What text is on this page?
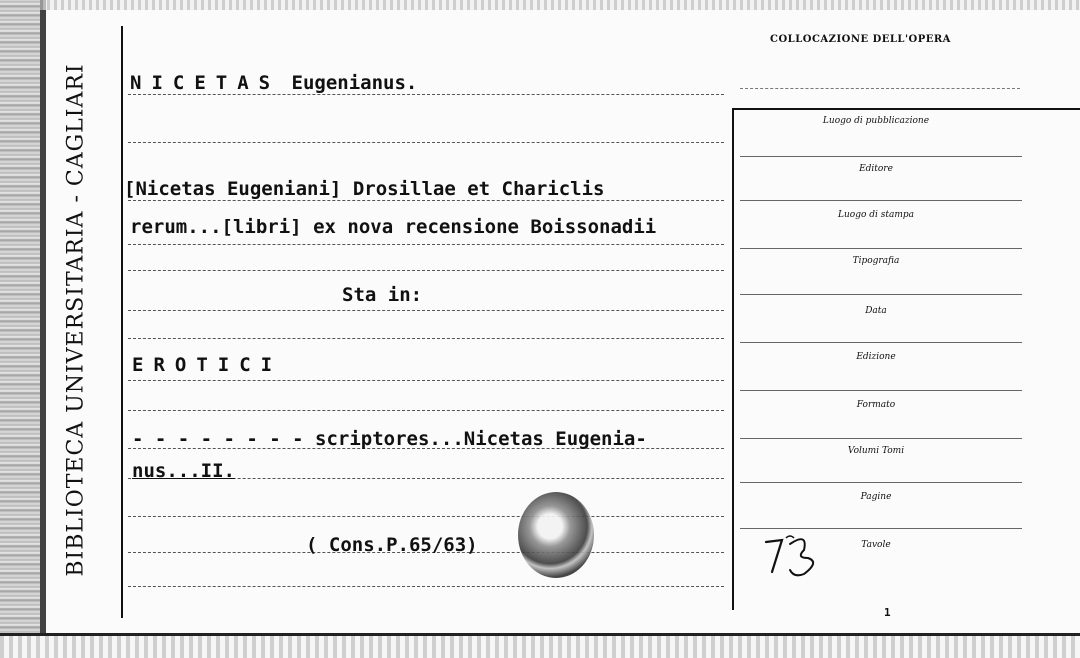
BIBLIOTECA UNIVERSITARIA - CAGLIARI NICETAS Eugenianus.
[Nicetas Eugeniani] Drosillae et Chariclis
rerum...[libri] ex nova recensione Boissonadii
Sta in:
EROTICI
- - - - - - - - scriptores...Nicetas Eugenia-
nus...II.
( Cons.P.65/63)
COLLOCAZIONE DELL'OPERA
Luogo di pubblicazione
Editore
Luogo di stampa
Tipografia
Data
Edizione
Formato
Volumi Tomi
Pagine
Tavole
1
